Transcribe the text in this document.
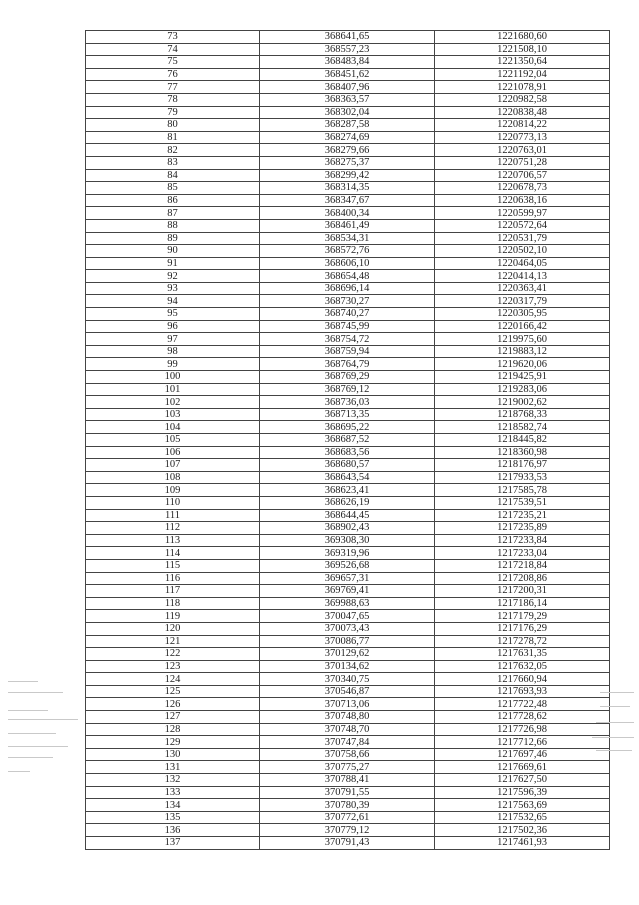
73	368641,65	1221680,60
74	368557,23	1221508,10
75	368483,84	1221350,64
76	368451,62	1221192,04
77	368407,96	1221078,91
78	368363,57	1220982,58
79	368302,04	1220838,48
80	368287,58	1220814,22
81	368274,69	1220773,13
82	368279,66	1220763,01
83	368275,37	1220751,28
84	368299,42	1220706,57
85	368314,35	1220678,73
86	368347,67	1220638,16
87	368400,34	1220599,97
88	368461,49	1220572,64
89	368534,31	1220531,79
90	368572,76	1220502,10
91	368606,10	1220464,05
92	368654,48	1220414,13
93	368696,14	1220363,41
94	368730,27	1220317,79
95	368740,27	1220305,95
96	368745,99	1220166,42
97	368754,72	1219975,60
98	368759,94	1219883,12
99	368764,79	1219620,06
100	368769,29	1219425,91
101	368769,12	1219283,06
102	368736,03	1219002,62
103	368713,35	1218768,33
104	368695,22	1218582,74
105	368687,52	1218445,82
106	368683,56	1218360,98
107	368680,57	1218176,97
108	368643,54	1217933,53
109	368623,41	1217585,78
110	368626,19	1217539,51
111	368644,45	1217235,21
112	368902,43	1217235,89
113	369308,30	1217233,84
114	369319,96	1217233,04
115	369526,68	1217218,84
116	369657,31	1217208,86
117	369769,41	1217200,31
118	369988,63	1217186,14
119	370047,65	1217179,29
120	370073,43	1217176,29
121	370086,77	1217278,72
122	370129,62	1217631,35
123	370134,62	1217632,05
124	370340,75	1217660,94
125	370546,87	1217693,93
126	370713,06	1217722,48
127	370748,80	1217728,62
128	370748,70	1217726,98
129	370747,84	1217712,66
130	370758,66	1217697,46
131	370775,27	1217669,61
132	370788,41	1217627,50
133	370791,55	1217596,39
134	370780,39	1217563,69
135	370772,61	1217532,65
136	370779,12	1217502,36
137	370791,43	1217461,93
